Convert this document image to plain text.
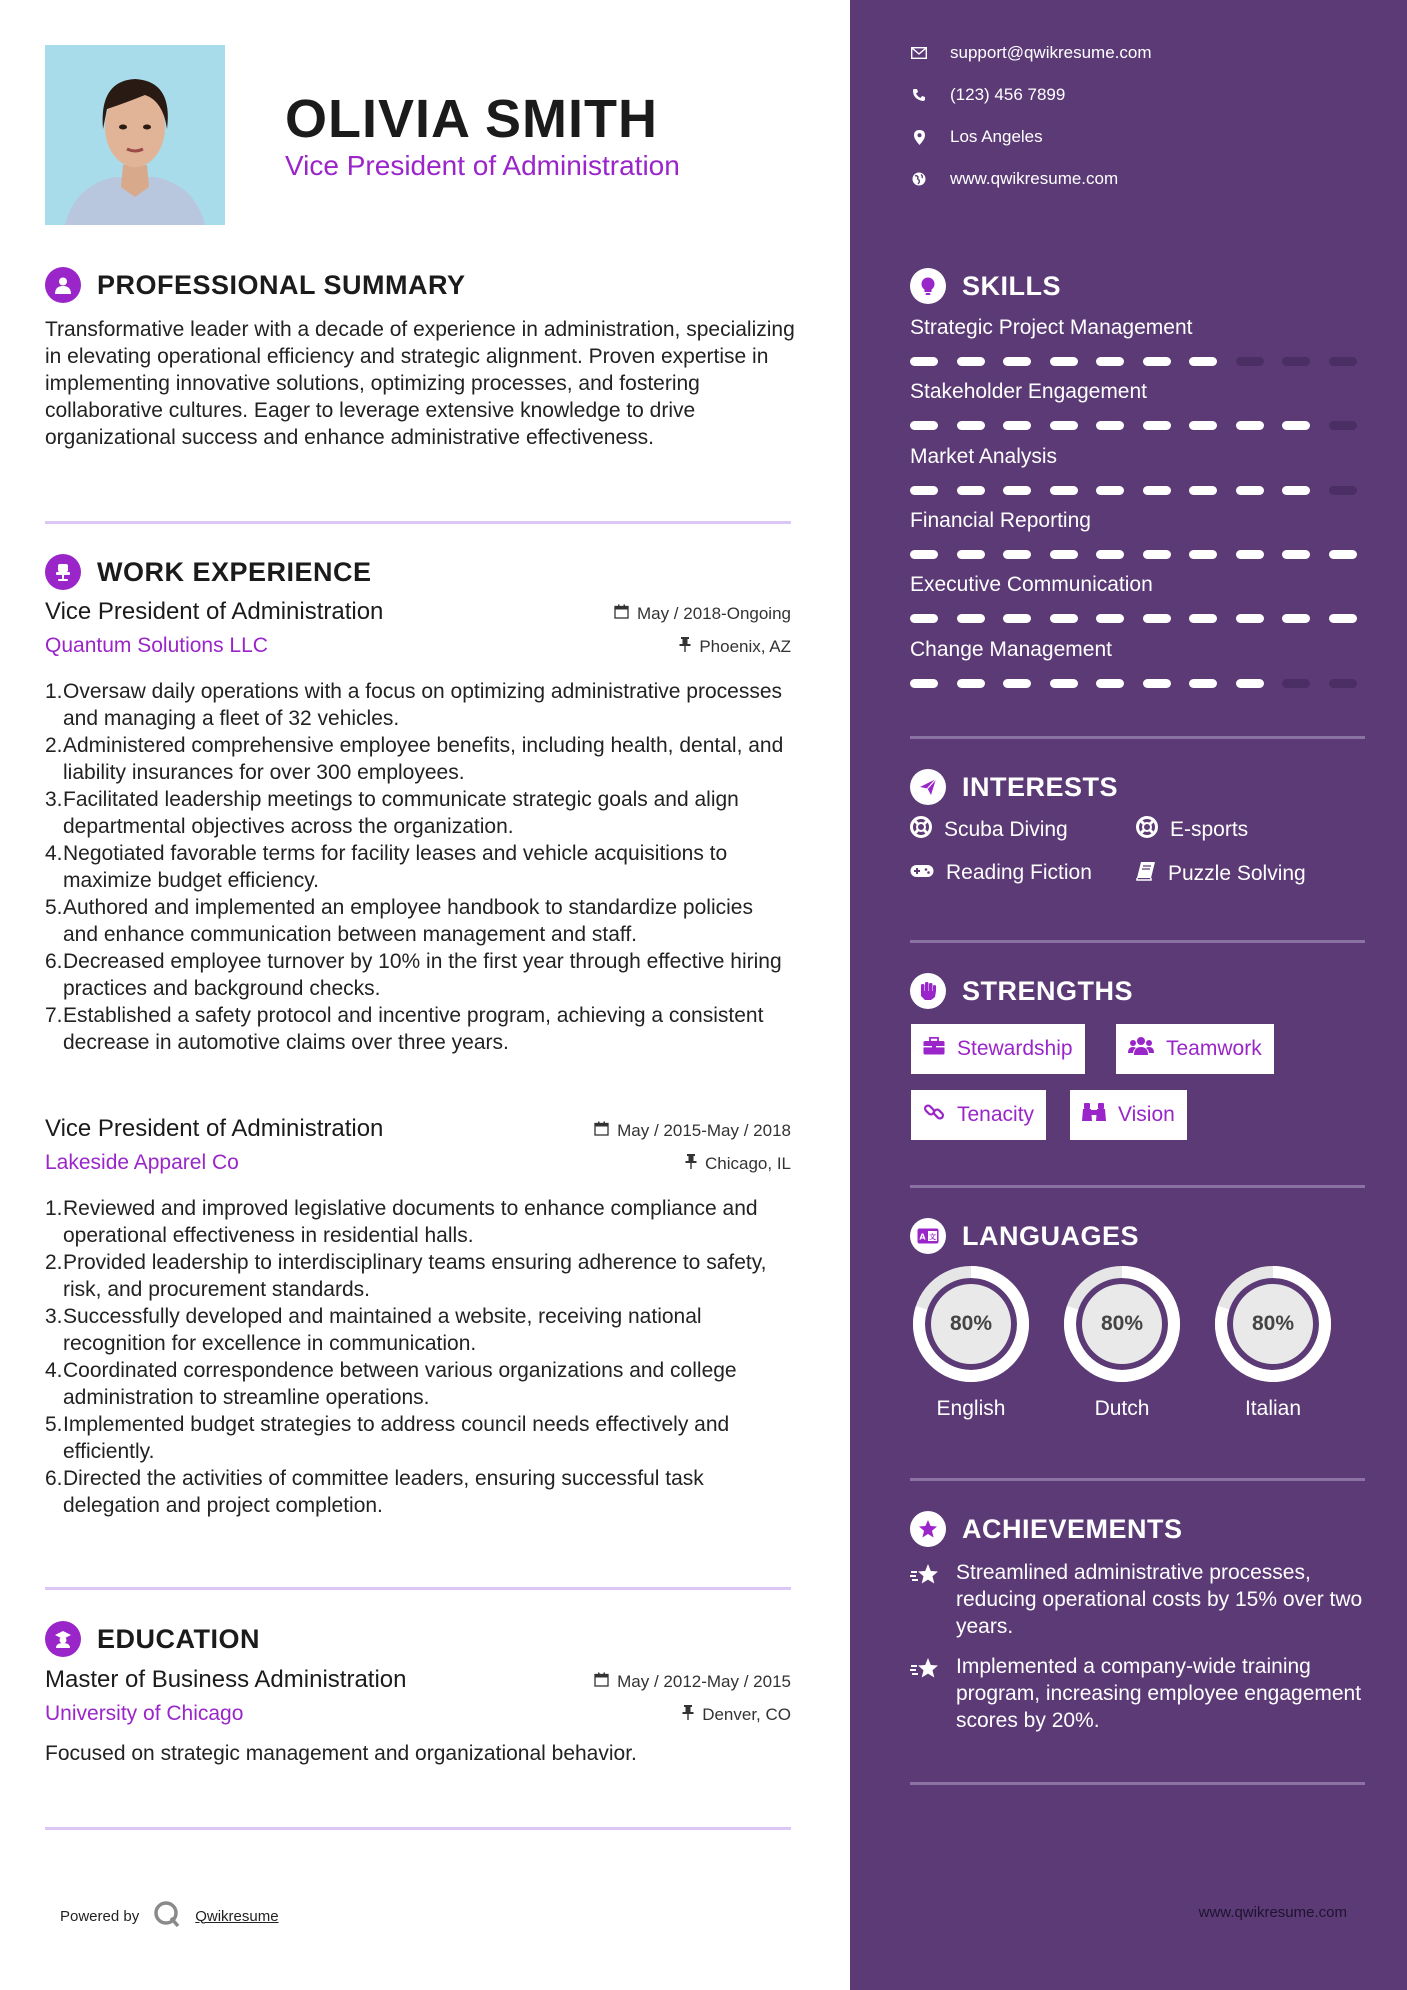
OLIVIA SMITH
Vice President of Administration
PROFESSIONAL SUMMARY
Transformative leader with a decade of experience in administration, specializing in elevating operational efficiency and strategic alignment. Proven expertise in implementing innovative solutions, optimizing processes, and fostering collaborative cultures. Eager to leverage extensive knowledge to drive organizational success and enhance administrative effectiveness.
WORK EXPERIENCE
Vice President of Administration	May / 2018-Ongoing
Quantum Solutions LLC	Phoenix, AZ
1. Oversaw daily operations with a focus on optimizing administrative processes and managing a fleet of 32 vehicles.
2. Administered comprehensive employee benefits, including health, dental, and liability insurances for over 300 employees.
3. Facilitated leadership meetings to communicate strategic goals and align departmental objectives across the organization.
4. Negotiated favorable terms for facility leases and vehicle acquisitions to maximize budget efficiency.
5. Authored and implemented an employee handbook to standardize policies and enhance communication between management and staff.
6. Decreased employee turnover by 10% in the first year through effective hiring practices and background checks.
7. Established a safety protocol and incentive program, achieving a consistent decrease in automotive claims over three years.
Vice President of Administration	May / 2015-May / 2018
Lakeside Apparel Co	Chicago, IL
1. Reviewed and improved legislative documents to enhance compliance and operational effectiveness in residential halls.
2. Provided leadership to interdisciplinary teams ensuring adherence to safety, risk, and procurement standards.
3. Successfully developed and maintained a website, receiving national recognition for excellence in communication.
4. Coordinated correspondence between various organizations and college administration to streamline operations.
5. Implemented budget strategies to address council needs effectively and efficiently.
6. Directed the activities of committee leaders, ensuring successful task delegation and project completion.
EDUCATION
Master of Business Administration	May / 2012-May / 2015
University of Chicago	Denver, CO
Focused on strategic management and organizational behavior.
Powered by	Qwikresume
support@qwikresume.com
(123) 456 7899
Los Angeles
www.qwikresume.com
SKILLS
Strategic Project Management
Stakeholder Engagement
Market Analysis
Financial Reporting
Executive Communication
Change Management
INTERESTS
Scuba Diving	E-sports
Reading Fiction	Puzzle Solving
STRENGTHS
Stewardship	Teamwork
Tenacity	Vision
A 文 LANGUAGES
80%
English
80%
Dutch
80%
Italian
ACHIEVEMENTS
Streamlined administrative processes, reducing operational costs by 15% over two years.
Implemented a company-wide training program, increasing employee engagement scores by 20%.
www.qwikresume.com
